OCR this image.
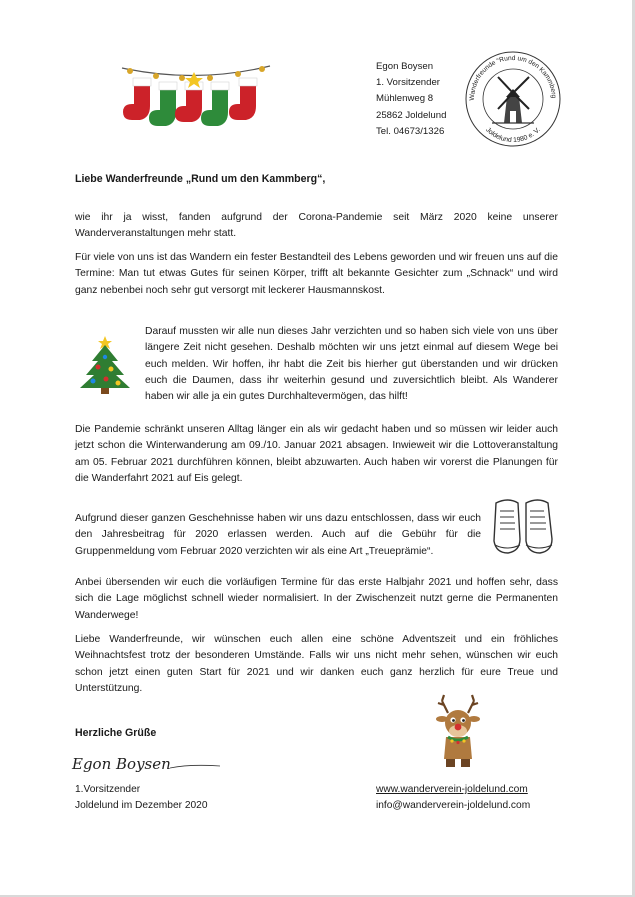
Egon Boysen
1. Vorsitzender
Mühlenweg 8
25862 Joldelund
Tel. 04673/1326
Wanderfreunde "Rund um den Kammberg
Joldelund 1980 e. V.
Liebe Wanderfreunde „Rund um den Kammberg“,
wie ihr ja wisst, fanden aufgrund der Corona-Pandemie seit März 2020 keine unserer Wanderveranstaltungen mehr statt.
Für viele von uns ist das Wandern ein fester Bestandteil des Lebens geworden und wir freuen uns auf die Termine: Man tut etwas Gutes für seinen Körper, trifft alt bekannte Gesichter zum „Schnack“ und wird ganz nebenbei noch sehr gut versorgt mit leckerer Hausmannskost.
Darauf mussten wir alle nun dieses Jahr verzichten und so haben sich viele von uns über längere Zeit nicht gesehen. Deshalb möchten wir uns jetzt einmal auf diesem Wege bei euch melden. Wir hoffen, ihr habt die Zeit bis hierher gut überstanden und wir drücken euch die Daumen, dass ihr weiterhin gesund und zuversichtlich bleibt. Als Wanderer haben wir alle ja ein gutes Durchhaltevermögen, das hilft!
Die Pandemie schränkt unseren Alltag länger ein als wir gedacht haben und so müssen wir leider auch jetzt schon die Winterwanderung am 09./10. Januar 2021 absagen. Inwieweit wir die Lottoveranstaltung am 05. Februar 2021 durchführen können, bleibt abzuwarten. Auch haben wir vorerst die Planungen für die Wanderfahrt 2021 auf Eis gelegt.
Aufgrund dieser ganzen Geschehnisse haben wir uns dazu entschlossen, dass wir euch den Jahresbeitrag für 2020 erlassen werden. Auch auf die Gebühr für die Gruppenmeldung vom Februar 2020 verzichten wir als eine Art „Treueprämie“.
Anbei übersenden wir euch die vorläufigen Termine für das erste Halbjahr 2021 und hoffen sehr, dass sich die Lage möglichst schnell wieder normalisiert. In der Zwischenzeit nutzt gerne die Permanenten Wanderwege!
Liebe Wanderfreunde, wir wünschen euch allen eine schöne Adventszeit und ein fröhliches Weihnachtsfest trotz der besonderen Umstände. Falls wir uns nicht mehr sehen, wünschen wir euch schon jetzt einen guten Start für 2021 und wir danken euch ganz herzlich für eure Treue und Unterstützung.
Herzliche Grüße
Egon Boysen
1.Vorsitzender
Joldelund im Dezember 2020
www.wanderverein-joldelund.com
info@wanderverein-joldelund.com
